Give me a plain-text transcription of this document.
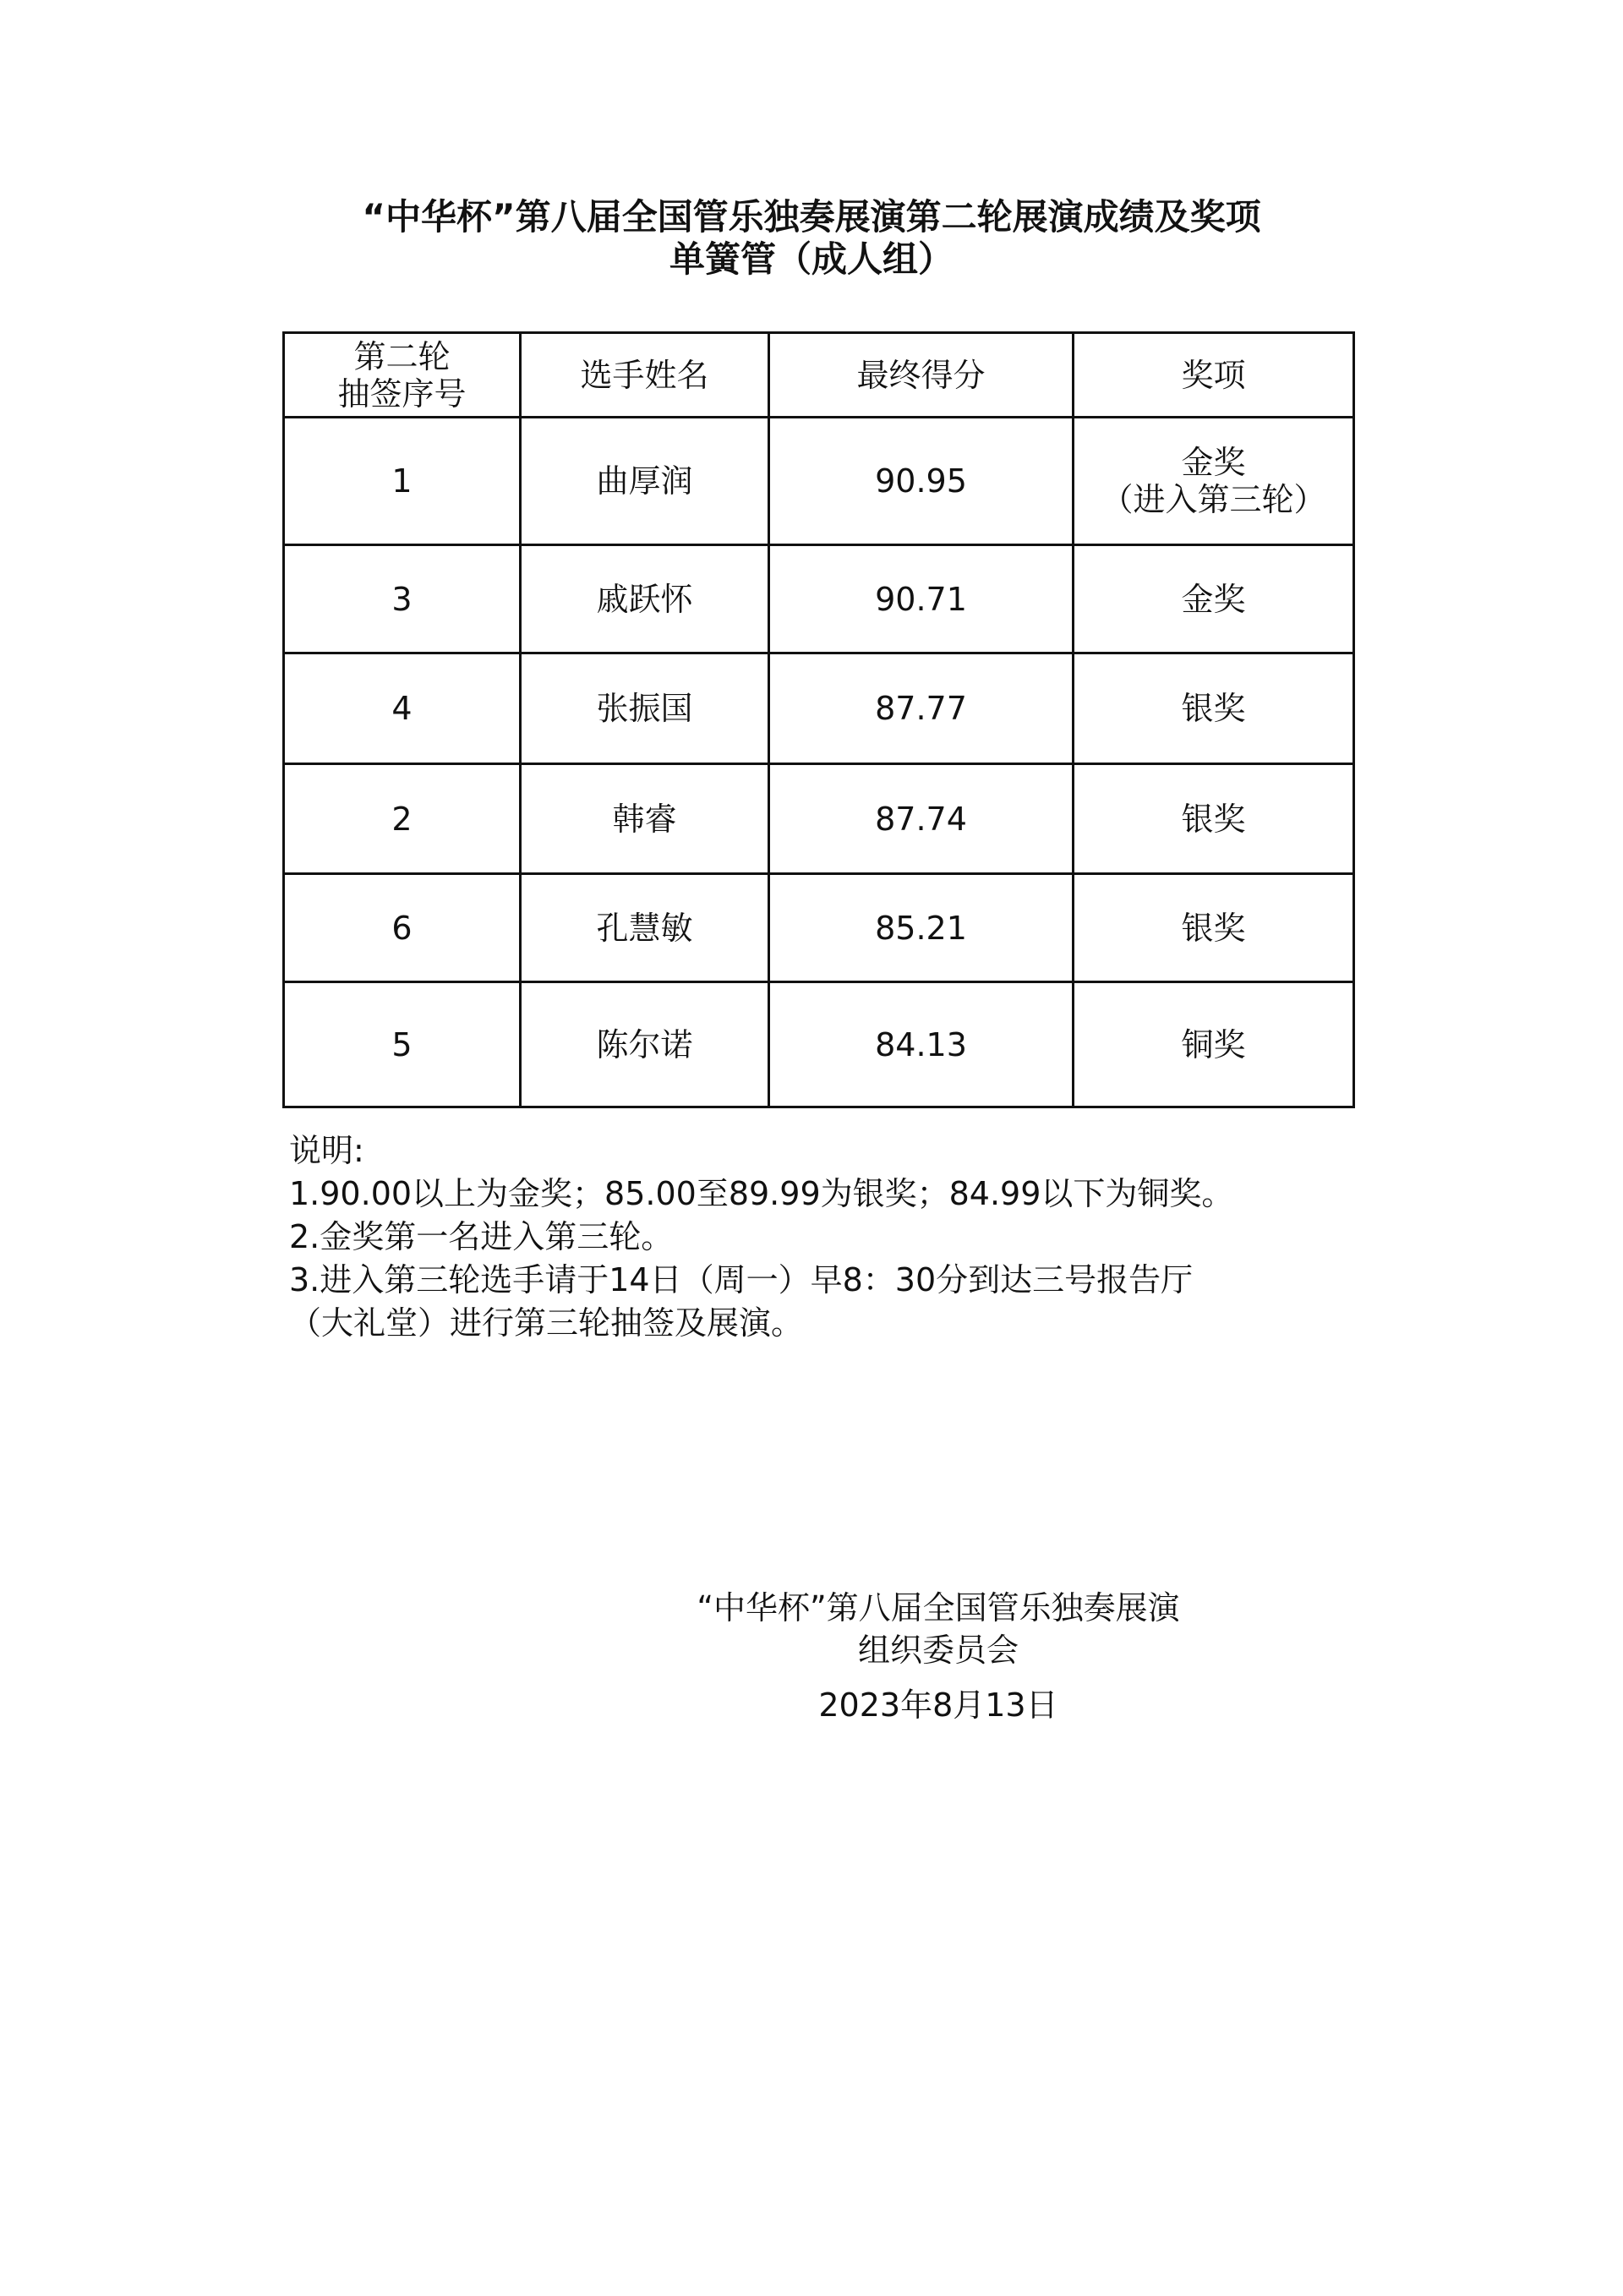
“中华杯”第八届全国管乐独奏展演第二轮展演成绩及奖项
单簧管（成人组）
第二轮
抽签序号	选手姓名	最终得分	奖项
1	曲厚润	90.95	金奖
（进入第三轮）

3	戚跃怀	90.71	金奖
4	张振国	87.77	银奖
2	韩睿	87.74	银奖
6	孔慧敏	85.21	银奖
5	陈尔诺	84.13	铜奖
说明:
1.90.00以上为金奖；85.00至89.99为银奖；84.99以下为铜奖。
2.金奖第一名进入第三轮。
3.进入第三轮选手请于14日（周一）早8：30分到达三号报告厅
（大礼堂）进行第三轮抽签及展演。
“中华杯”第八届全国管乐独奏展演
组织委员会
2023年8月13日
